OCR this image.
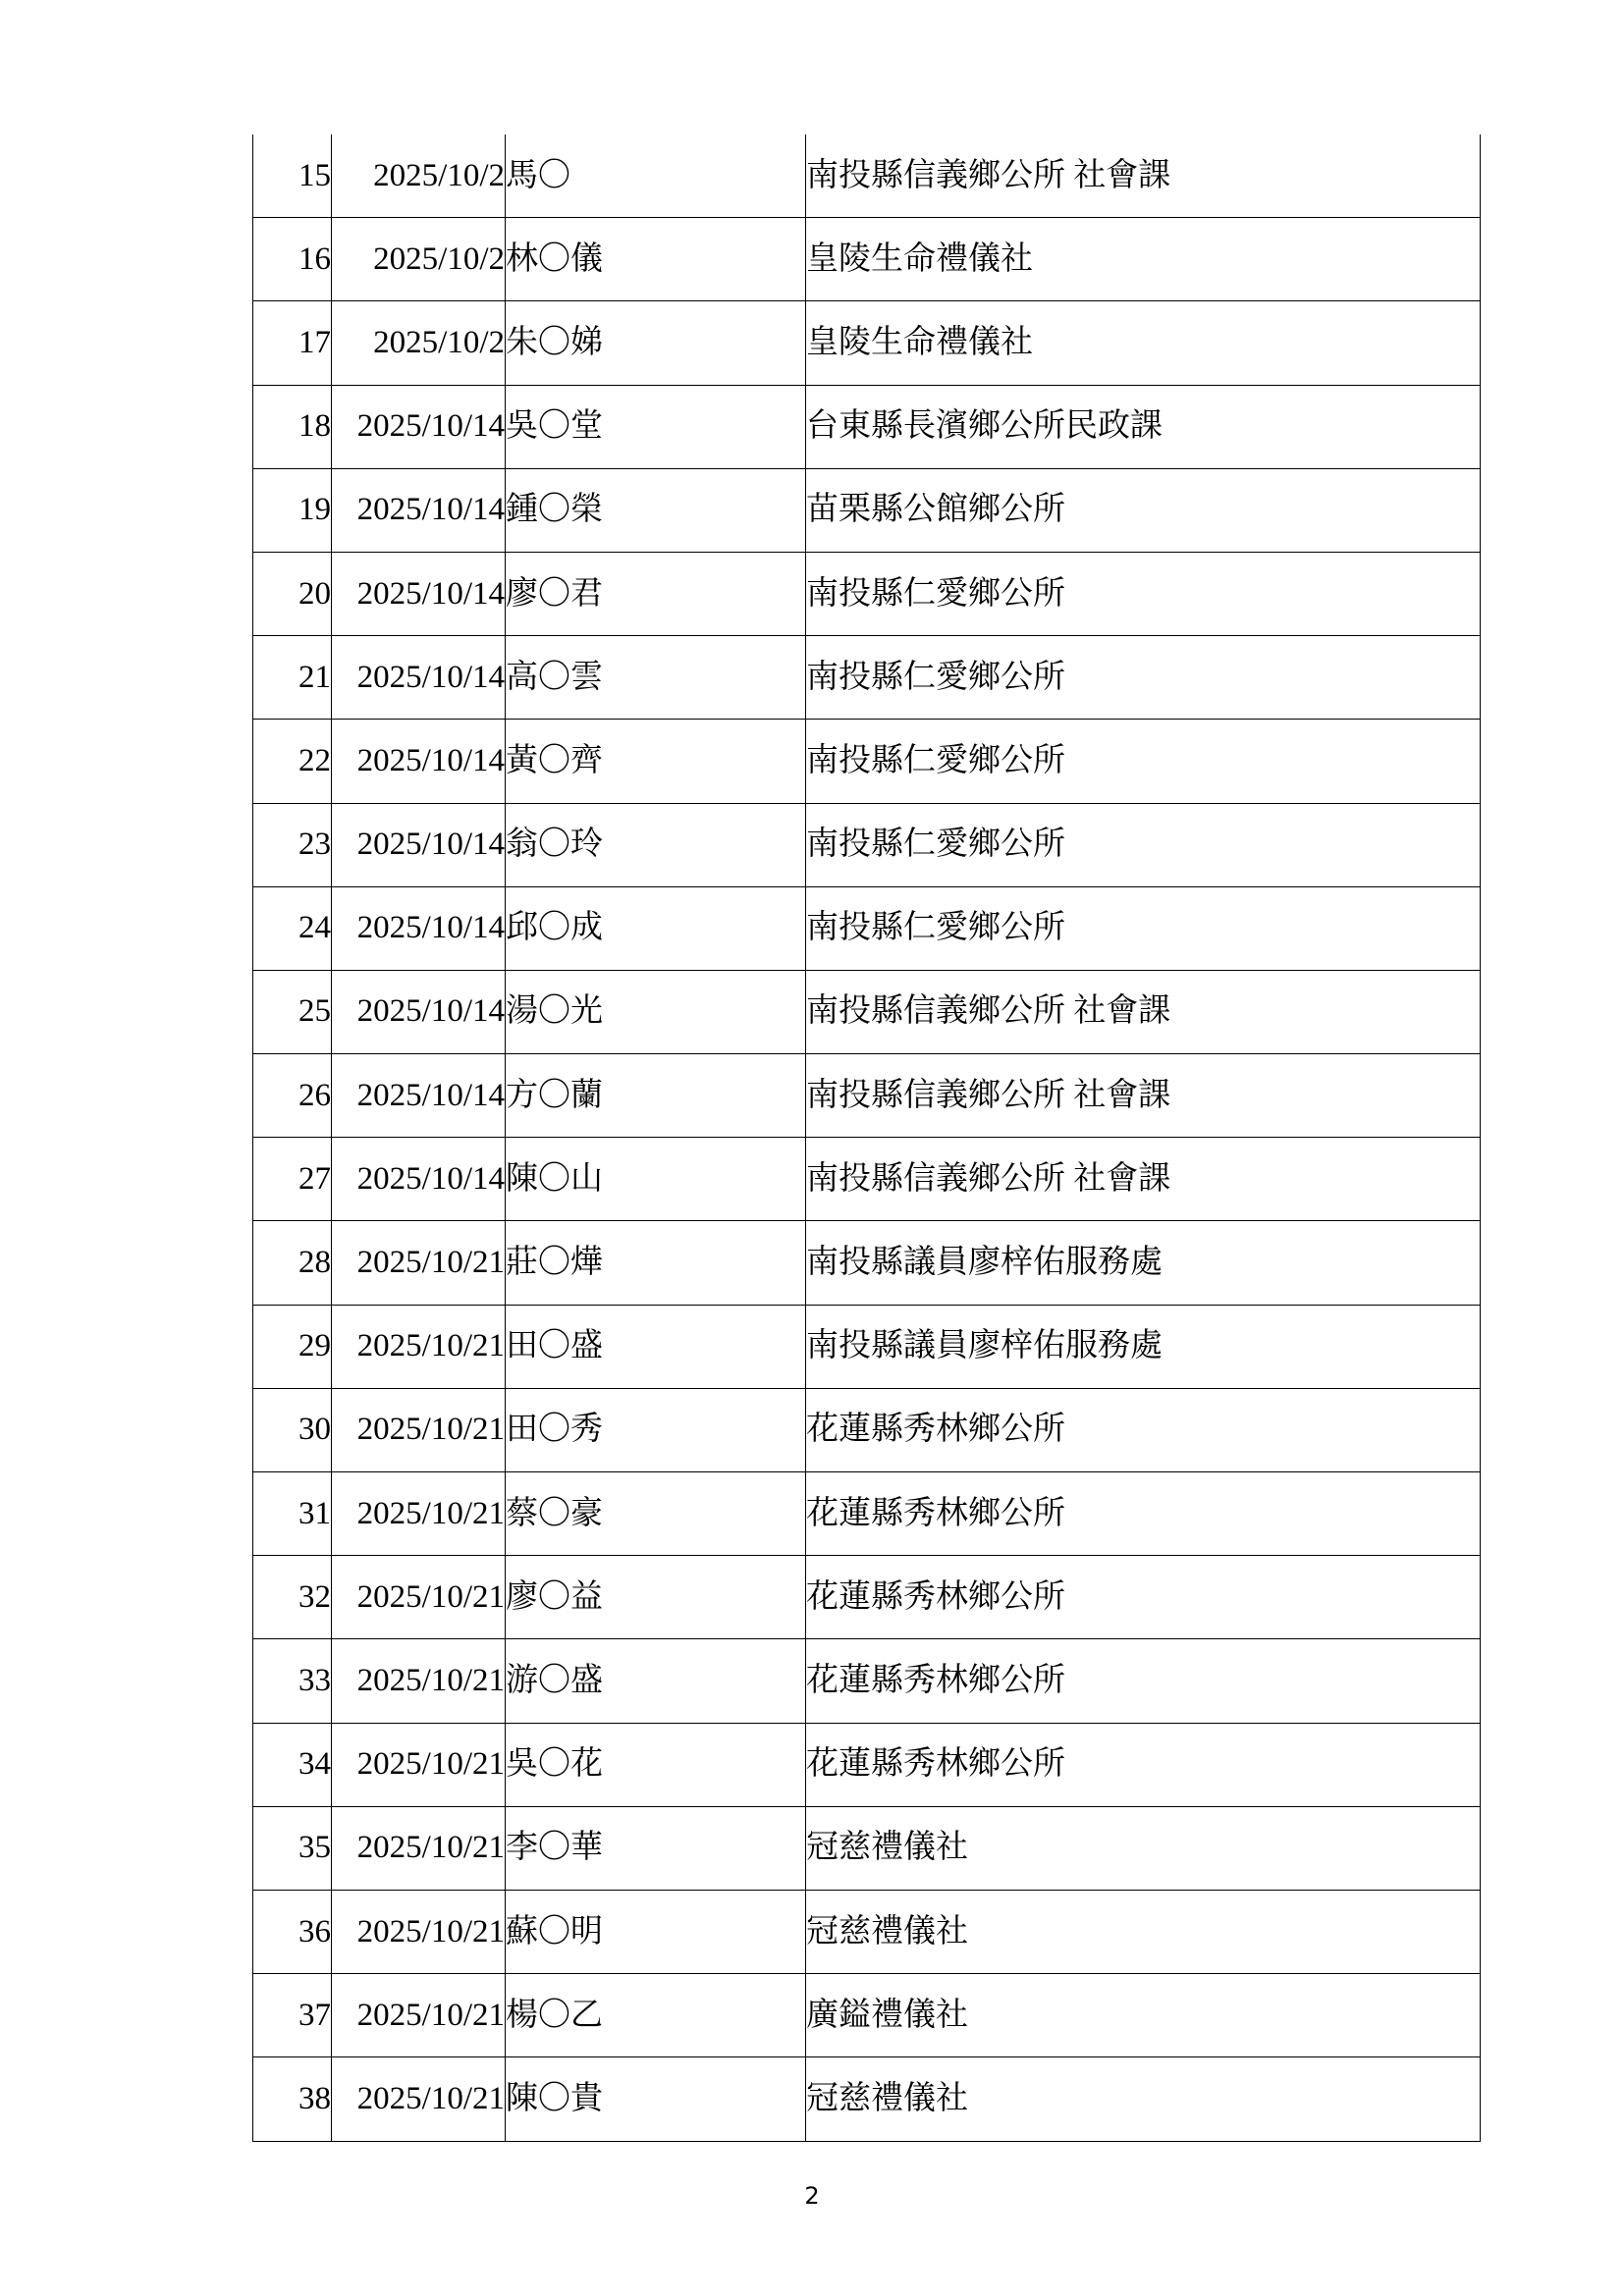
15	2025/10/2	馬〇	南投縣信義鄉公所 社會課
16	2025/10/2	林〇儀	皇陵生命禮儀社
17	2025/10/2	朱〇娣	皇陵生命禮儀社
18	2025/10/14	吳〇堂	台東縣長濱鄉公所民政課
19	2025/10/14	鍾〇榮	苗栗縣公館鄉公所
20	2025/10/14	廖〇君	南投縣仁愛鄉公所
21	2025/10/14	高〇雲	南投縣仁愛鄉公所
22	2025/10/14	黃〇齊	南投縣仁愛鄉公所
23	2025/10/14	翁〇玲	南投縣仁愛鄉公所
24	2025/10/14	邱〇成	南投縣仁愛鄉公所
25	2025/10/14	湯〇光	南投縣信義鄉公所 社會課
26	2025/10/14	方〇蘭	南投縣信義鄉公所 社會課
27	2025/10/14	陳〇山	南投縣信義鄉公所 社會課
28	2025/10/21	莊〇燁	南投縣議員廖梓佑服務處
29	2025/10/21	田〇盛	南投縣議員廖梓佑服務處
30	2025/10/21	田〇秀	花蓮縣秀林鄉公所
31	2025/10/21	蔡〇豪	花蓮縣秀林鄉公所
32	2025/10/21	廖〇益	花蓮縣秀林鄉公所
33	2025/10/21	游〇盛	花蓮縣秀林鄉公所
34	2025/10/21	吳〇花	花蓮縣秀林鄉公所
35	2025/10/21	李〇華	冠慈禮儀社
36	2025/10/21	蘇〇明	冠慈禮儀社
37	2025/10/21	楊〇乙	廣鎰禮儀社
38	2025/10/21	陳〇貴	冠慈禮儀社
2
